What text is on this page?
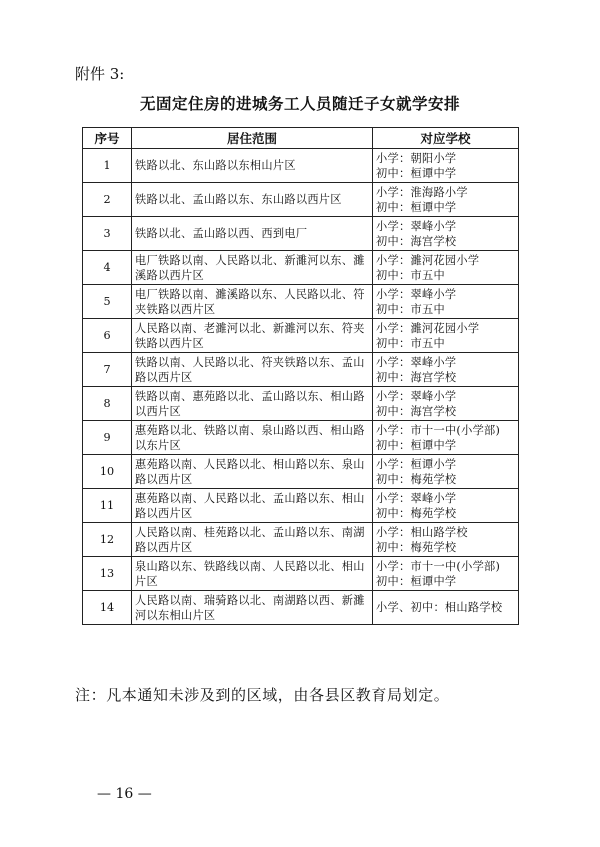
附件 3:
无固定住房的进城务工人员随迁子女就学安排
序号	居住范围	对应学校
1	铁路以北、东山路以东相山片区	小学：朝阳小学
初中：桓谭中学

2	铁路以北、孟山路以东、东山路以西片区	小学：淮海路小学
初中：桓谭中学

3	铁路以北、孟山路以西、西到电厂	小学：翠峰小学
初中：海宫学校

4	电厂铁路以南、人民路以北、新濉河以东、濉溪路以西片区	小学：濉河花园小学
初中：市五中

5	电厂铁路以南、濉溪路以东、人民路以北、符夹铁路以西片区	小学：翠峰小学
初中：市五中

6	人民路以南、老濉河以北、新濉河以东、符夹铁路以西片区	小学：濉河花园小学
初中：市五中

7	铁路以南、人民路以北、符夹铁路以东、孟山路以西片区	小学：翠峰小学
初中：海宫学校

8	铁路以南、惠苑路以北、孟山路以东、相山路以西片区	小学：翠峰小学
初中：海宫学校

9	惠苑路以北、铁路以南、泉山路以西、相山路以东片区	小学：市十一中(小学部)
初中：桓谭中学

10	惠苑路以南、人民路以北、相山路以东、泉山路以西片区	小学：桓谭小学
初中：梅苑学校

11	惠苑路以南、人民路以北、孟山路以东、相山路以西片区	小学：翠峰小学
初中：梅苑学校

12	人民路以南、桂苑路以北、孟山路以东、南湖路以西片区	小学：相山路学校
初中：梅苑学校

13	泉山路以东、铁路线以南、人民路以北、相山片区	小学：市十一中(小学部)
初中：桓谭中学

14	人民路以南、瑞骑路以北、南湖路以西、新濉河以东相山片区	小学、初中：相山路学校
注：凡本通知未涉及到的区域，由各县区教育局划定。
— 16 —
